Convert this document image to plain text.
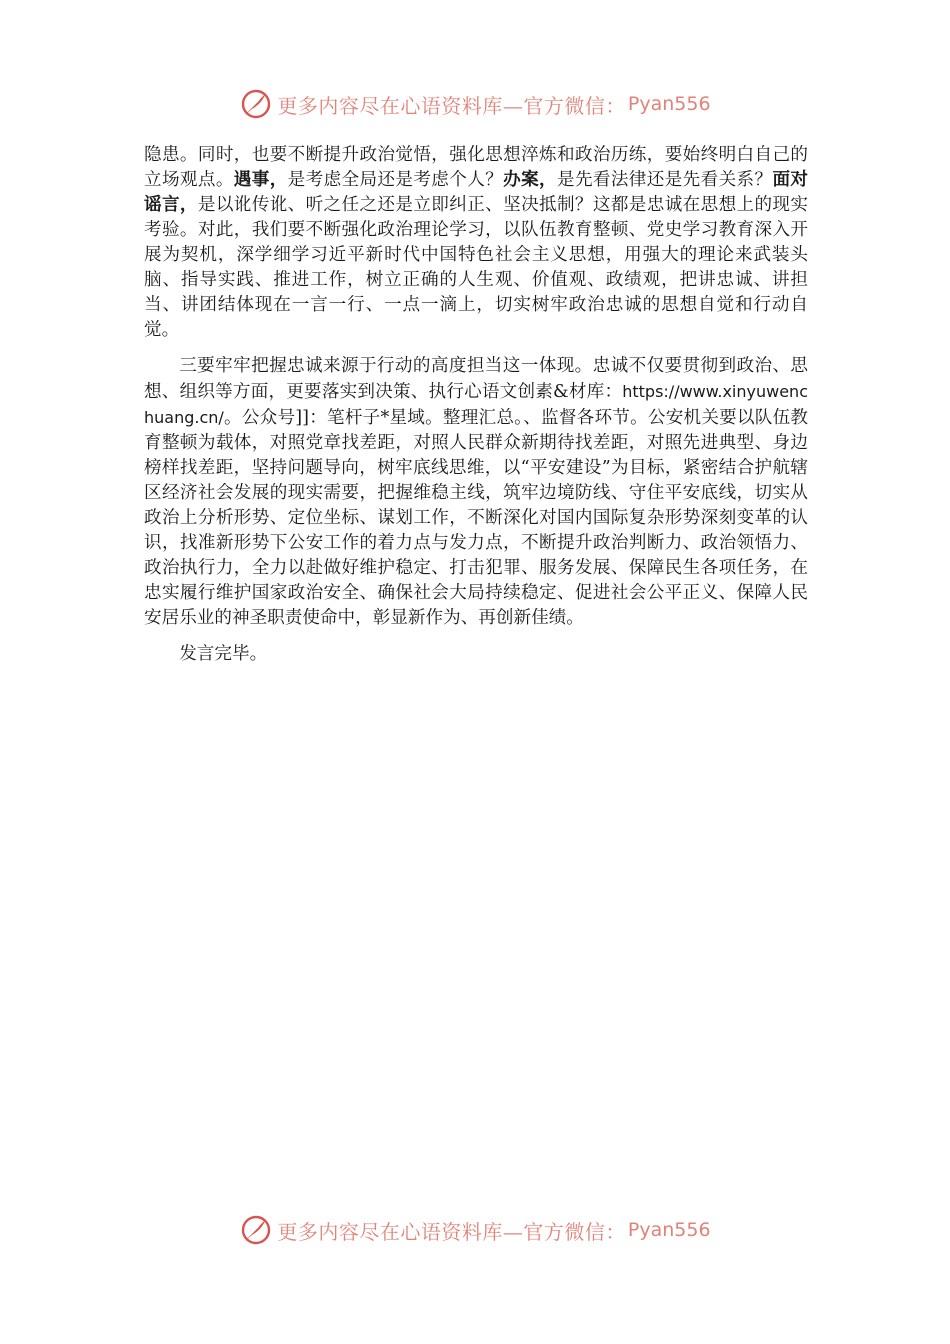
更多内容尽在心语资料库—官方微信： Pyan556

隐患。同时，也要不断提升政治觉悟，强化思想淬炼和政治历练，要始终明白自己的立场观点。遇事，是考虑全局还是考虑个人？办案，是先看法律还是先看关系？面对谣言，是以讹传讹、听之任之还是立即纠正、坚决抵制？这都是忠诚在思想上的现实考验。对此，我们要不断强化政治理论学习，以队伍教育整顿、党史学习教育深入开展为契机，深学细学习近平新时代中国特色社会主义思想，用强大的理论来武装头脑、指导实践、推进工作，树立正确的人生观、价值观、政绩观，把讲忠诚、讲担当、讲团结体现在一言一行、一点一滴上，切实树牢政治忠诚的思想自觉和行动自觉。

三要牢牢把握忠诚来源于行动的高度担当这一体现。忠诚不仅要贯彻到政治、思想、组织等方面，更要落实到决策、执行心语文创素&材库：https://www.xinyuwenchuang.cn/。公众号]]：笔杆子*星域。整理汇总。、监督各环节。公安机关要以队伍教育整顿为载体，对照党章找差距，对照人民群众新期待找差距，对照先进典型、身边榜样找差距，坚持问题导向，树牢底线思维，以“平安建设”为目标，紧密结合护航辖区经济社会发展的现实需要，把握维稳主线，筑牢边境防线、守住平安底线，切实从政治上分析形势、定位坐标、谋划工作，不断深化对国内国际复杂形势深刻变革的认识，找准新形势下公安工作的着力点与发力点，不断提升政治判断力、政治领悟力、政治执行力，全力以赴做好维护稳定、打击犯罪、服务发展、保障民生各项任务，在忠实履行维护国家政治安全、确保社会大局持续稳定、促进社会公平正义、保障人民安居乐业的神圣职责使命中，彰显新作为、再创新佳绩。

发言完毕。

更多内容尽在心语资料库—官方微信： Pyan556
